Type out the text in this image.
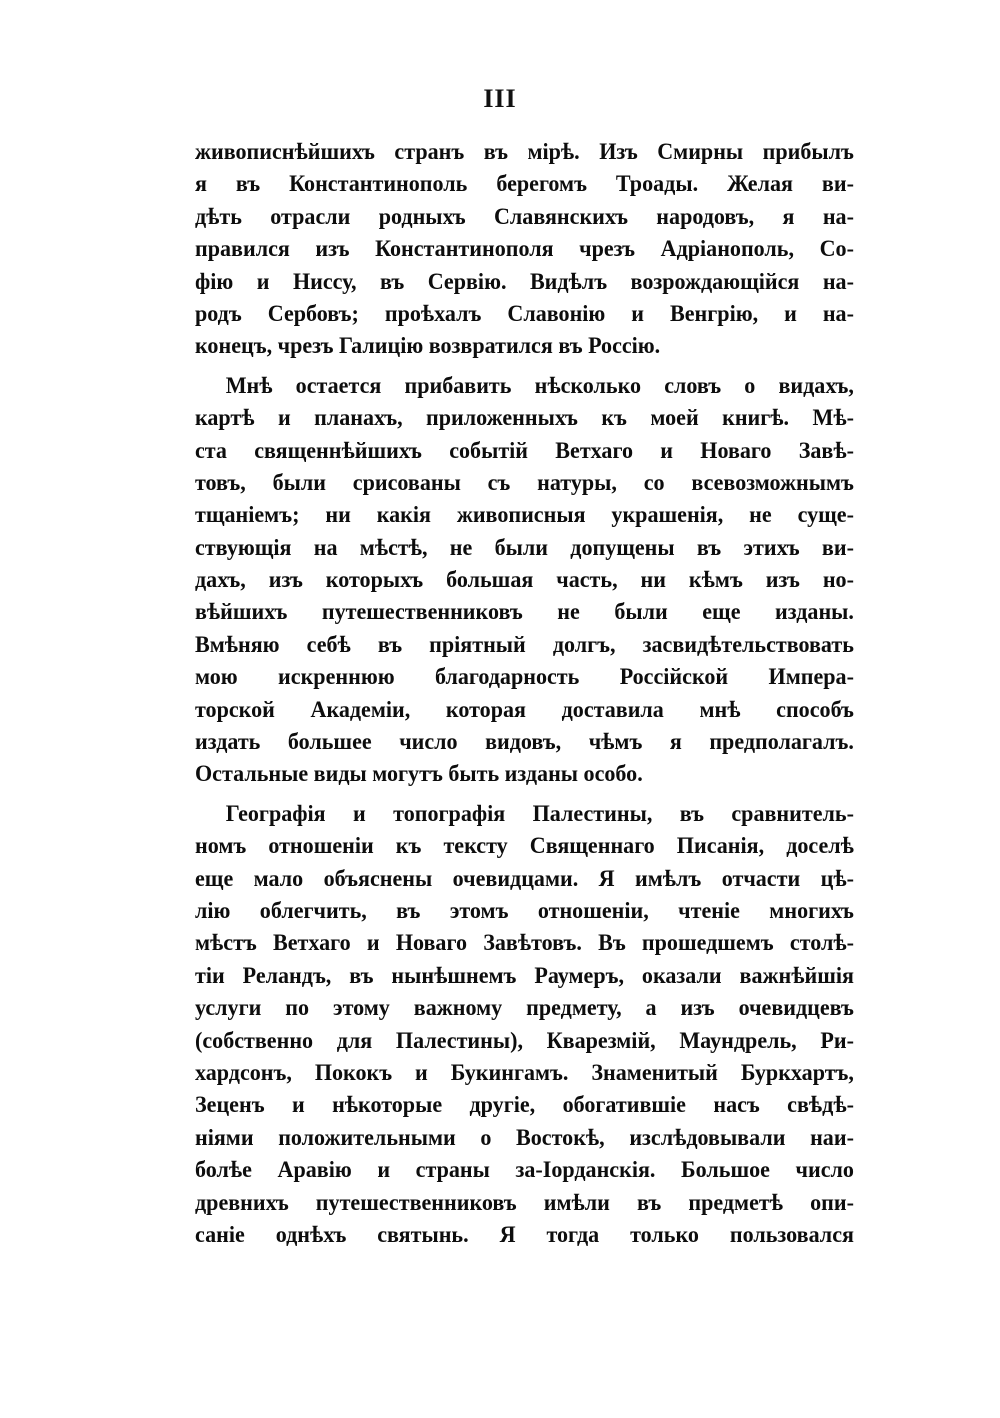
III
живописнѣйшихъ странъ въ мірѣ. Изъ Смирны прибылъ
я въ Константинополь берегомъ Троады. Желая ви-
дѣть отрасли родныхъ Славянскихъ народовъ, я на-
правился изъ Константинополя чрезъ Адріанополь, Со-
фію и Ниссу, въ Сервію. Видѣлъ возрождающійся на-
родъ Сербовъ; проѣхалъ Славонію и Венгрію, и на-
конецъ, чрезъ Галицію возвратился въ Россію.
Мнѣ остается прибавить нѣсколько словъ о видахъ,
картѣ и планахъ, приложенныхъ къ моей книгѣ. Мѣ-
ста священнѣйшихъ событій Ветхаго и Новаго Завѣ-
товъ, были срисованы съ натуры, со всевозможнымъ
тщаніемъ; ни какія живописныя украшенія, не суще-
ствующія на мѣстѣ, не были допущены въ этихъ ви-
дахъ, изъ которыхъ большая часть, ни кѣмъ изъ но-
вѣйшихъ путешественниковъ не были еще изданы.
Вмѣняю себѣ въ пріятный долгъ, засвидѣтельствовать
мою искреннюю благодарность Россійской Импера-
торской Академіи, которая доставила мнѣ способъ
издать большее число видовъ, чѣмъ я предполагалъ.
Остальные виды могутъ быть изданы особо.
Географія и топографія Палестины, въ сравнитель-
номъ отношеніи къ тексту Священнаго Писанія, доселѣ
еще мало объяснены очевидцами. Я имѣлъ отчасти цѣ-
лію облегчить, въ этомъ отношеніи, чтеніе многихъ
мѣстъ Ветхаго и Новаго Завѣтовъ. Въ прошедшемъ столѣ-
тіи Реландъ, въ нынѣшнемъ Раумеръ, оказали важнѣйшія
услуги по этому важному предмету, а изъ очевидцевъ
(собственно для Палестины), Кварезмій, Маундрель, Ри-
хардсонъ, Пококъ и Букингамъ. Знаменитый Буркхартъ,
Зеценъ и нѣкоторые другіе, обогатившіе насъ свѣдѣ-
ніями положительными о Востокѣ, изслѣдовывали наи-
болѣе Аравію и страны за-Іорданскія. Большое число
древнихъ путешественниковъ имѣли въ предметѣ опи-
саніе однѣхъ святынь. Я тогда только пользовался
